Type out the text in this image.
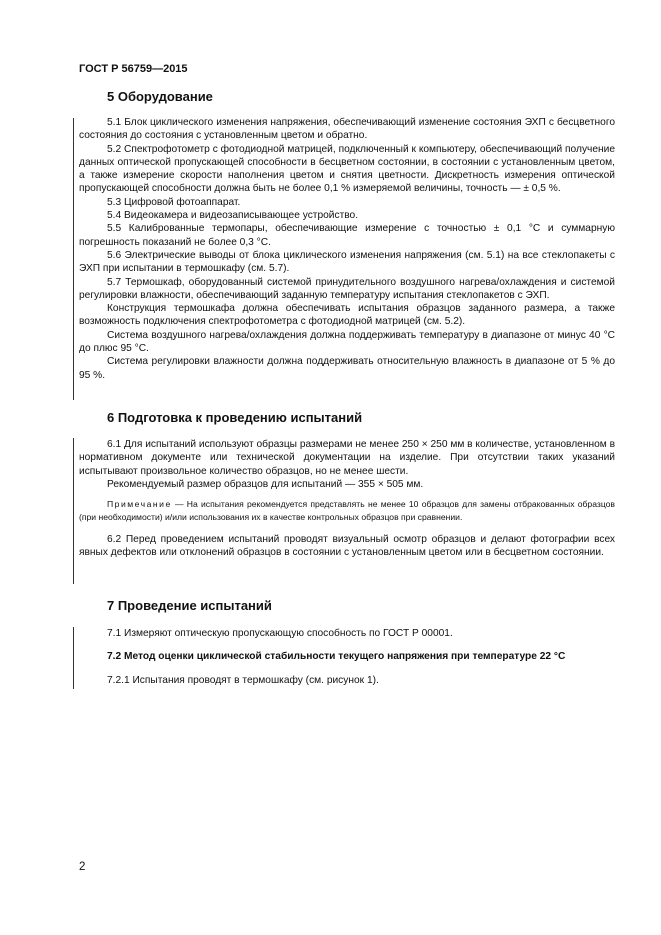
ГОСТ Р 56759—2015
5 Оборудование

5.1 Блок циклического изменения напряжения, обеспечивающий изменение состояния ЭХП с бесцветного состояния до состояния с установленным цветом и обратно.

5.2 Спектрофотометр с фотодиодной матрицей, подключенный к компьютеру, обеспечивающий получение данных оптической пропускающей способности в бесцветном состоянии, в состоянии с установленным цветом, а также измерение скорости наполнения цветом и снятия цветности. Дискретность измерения оптической пропускающей способности должна быть не более 0,1 % измеряемой величины, точность — ± 0,5 %.

5.3 Цифровой фотоаппарат.

5.4 Видеокамера и видеозаписывающее устройство.

5.5 Калиброванные термопары, обеспечивающие измерение с точностью ± 0,1 °С и суммарную погрешность показаний не более 0,3 °С.

5.6 Электрические выводы от блока циклического изменения напряжения (см. 5.1) на все стеклопакеты с ЭХП при испытании в термошкафу (см. 5.7).

5.7 Термошкаф, оборудованный системой принудительного воздушного нагрева/охлаждения и системой регулировки влажности, обеспечивающий заданную температуру испытания стеклопакетов с ЭХП.

Конструкция термошкафа должна обеспечивать испытания образцов заданного размера, а также возможность подключения спектрофотометра с фотодиодной матрицей (см. 5.2).

Система воздушного нагрева/охлаждения должна поддерживать температуру в диапазоне от минус 40 °С до плюс 95 °С.

Система регулировки влажности должна поддерживать относительную влажность в диапазоне от 5 % до 95 %.

6 Подготовка к проведению испытаний

6.1 Для испытаний используют образцы размерами не менее 250 × 250 мм в количестве, установленном в нормативном документе или технической документации на изделие. При отсутствии таких указаний испытывают произвольное количество образцов, но не менее шести.

Рекомендуемый размер образцов для испытаний — 355 × 505 мм.

Примечание — На испытания рекомендуется представлять не менее 10 образцов для замены отбракованных образцов (при необходимости) и/или использования их в качестве контрольных образцов при сравнении.

6.2 Перед проведением испытаний проводят визуальный осмотр образцов и делают фотографии всех явных дефектов или отклонений образцов в состоянии с установленным цветом или в бесцветном состоянии.

7 Проведение испытаний

7.1 Измеряют оптическую пропускающую способность по ГОСТ Р 00001.

7.2 Метод оценки циклической стабильности текущего напряжения при температуре 22 °С

7.2.1 Испытания проводят в термошкафу (см. рисунок 1).

2
